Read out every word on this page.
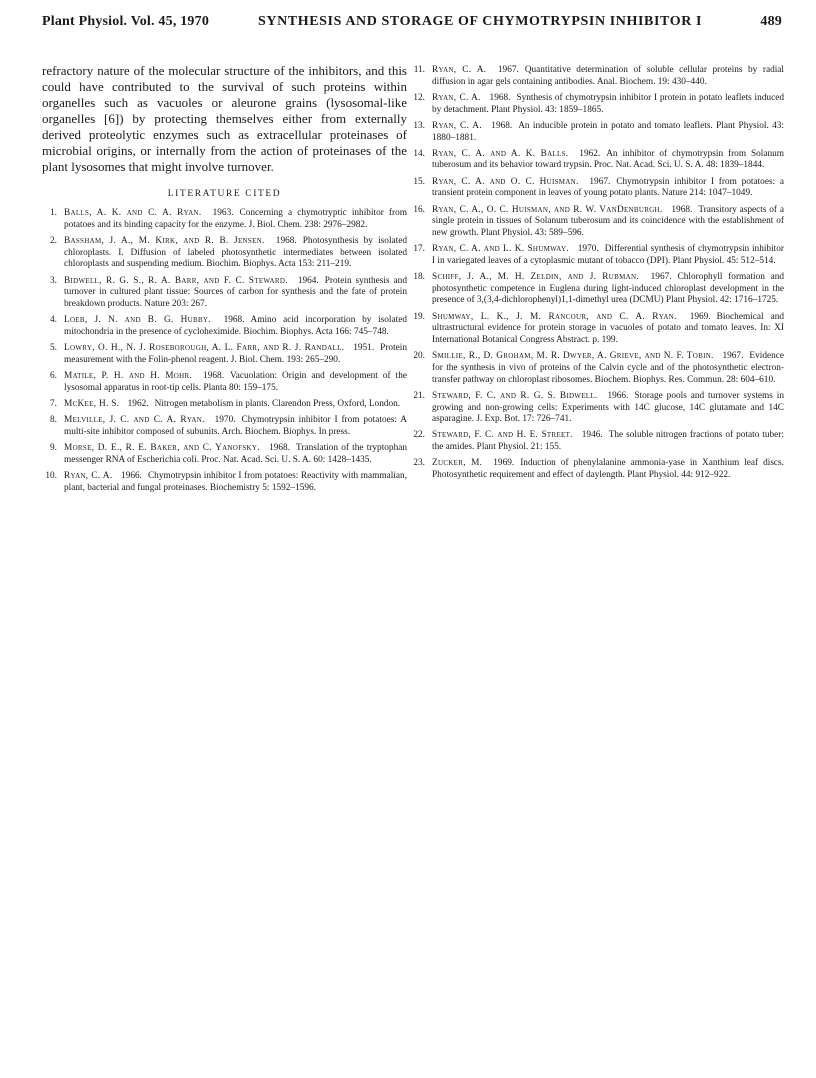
Plant Physiol. Vol. 45, 1970	SYNTHESIS AND STORAGE OF CHYMOTRYPSIN INHIBITOR I	489

refractory nature of the molecular structure of the inhibitors, and this could have contributed to the survival of such proteins within organelles such as vacuoles or aleurone grains (lysosomal-like organelles [6]) by protecting themselves either from externally derived proteolytic enzymes such as extracellular proteinases of microbial origins, or internally from the action of proteinases of the plant lysosomes that might involve turnover.

LITERATURE CITED
1. Balls, A. K. and C. A. Ryan. 1963. Concerning a chymotryptic inhibitor from potatoes and its binding capacity for the enzyme. J. Biol. Chem. 238: 2976–2982.
2. Bassham, J. A., M. Kirk, and R. B. Jensen. 1968. Photosynthesis by isolated chloroplasts. I. Diffusion of labeled photosynthetic intermediates between isolated chloroplasts and suspending medium. Biochim. Biophys. Acta 153: 211–219.
3. Bidwell, R. G. S., R. A. Barr, and F. C. Steward. 1964. Protein synthesis and turnover in cultured plant tissue: Sources of carbon for synthesis and the fate of protein breakdown products. Nature 203: 267.
4. Loeb, J. N. and B. G. Hubby. 1968. Amino acid incorporation by isolated mitochondria in the presence of cycloheximide. Biochim. Biophys. Acta 166: 745–748.
5. Lowry, O. H., N. J. Roseborough, A. L. Farr, and R. J. Randall. 1951. Protein measurement with the Folin-phenol reagent. J. Biol. Chem. 193: 265–290.
6. Matile, P. H. and H. Mohr. 1968. Vacuolation: Origin and development of the lysosomal apparatus in root-tip cells. Planta 80: 159–175.
7. McKee, H. S. 1962. Nitrogen metabolism in plants. Clarendon Press, Oxford, London.
8. Melville, J. C. and C. A. Ryan. 1970. Chymotrypsin inhibitor I from potatoes: A multi-site inhibitor composed of subunits. Arch. Biochem. Biophys. In press.
9. Morse, D. E., R. E. Baker, and C. Yanofsky. 1968. Translation of the tryptophan messenger RNA of Escherichia coli. Proc. Nat. Acad. Sci. U. S. A. 60: 1428–1435.
10. Ryan, C. A. 1966. Chymotrypsin inhibitor I from potatoes: Reactivity with mammalian, plant, bacterial and fungal proteinases. Biochemistry 5: 1592–1596.
11. Ryan, C. A. 1967. Quantitative determination of soluble cellular proteins by radial diffusion in agar gels containing antibodies. Anal. Biochem. 19: 430–440.
12. Ryan, C. A. 1968. Synthesis of chymotrypsin inhibitor I protein in potato leaflets induced by detachment. Plant Physiol. 43: 1859–1865.
13. Ryan, C. A. 1968. An inducible protein in potato and tomato leaflets. Plant Physiol. 43: 1880–1881.
14. Ryan, C. A. and A. K. Balls. 1962. An inhibitor of chymotrypsin from Solanum tuberosum and its behavior toward trypsin. Proc. Nat. Acad. Sci. U. S. A. 48: 1839–1844.
15. Ryan, C. A. and O. C. Huisman. 1967. Chymotrypsin inhibitor I from potatoes: a transient protein component in leaves of young potato plants. Nature 214: 1047–1049.
16. Ryan, C. A., O. C. Huisman, and R. W. VanDenburgh. 1968. Transitory aspects of a single protein in tissues of Solanum tuberosum and its coincidence with the establishment of new growth. Plant Physiol. 43: 589–596.
17. Ryan, C. A. and L. K. Shumway. 1970. Differential synthesis of chymotrypsin inhibitor I in variegated leaves of a cytoplasmic mutant of tobacco (DPI). Plant Physiol. 45: 512–514.
18. Schiff, J. A., M. H. Zeldin, and J. Rubman. 1967. Chlorophyll formation and photosynthetic competence in Euglena during light-induced chloroplast development in the presence of 3,(3,4-dichlorophenyl)1,1-dimethyl urea (DCMU) Plant Physiol. 42: 1716–1725.
19. Shumway, L. K., J. M. Rancour, and C. A. Ryan. 1969. Biochemical and ultrastructural evidence for protein storage in vacuoles of potato and tomato leaves. In: XI International Botanical Congress Abstract. p. 199.
20. Smillie, R., D. Groham, M. R. Dwyer, A. Grieve, and N. F. Tobin. 1967. Evidence for the synthesis in vivo of proteins of the Calvin cycle and of the photosynthetic electron-transfer pathway on chloroplast ribosomes. Biochem. Biophys. Res. Commun. 28: 604–610.
21. Steward, F. C. and R. G. S. Bidwell. 1966. Storage pools and turnover systems in growing and non-growing cells: Experiments with 14C glucose, 14C glutamate and 14C asparagine. J. Exp. Bot. 17: 726–741.
22. Steward, F. C. and H. E. Street. 1946. The soluble nitrogen fractions of potato tuber: the amides. Plant Physiol. 21: 155.
23. Zucker, M. 1969. Induction of phenylalanine ammonia-yase in Xanthium leaf discs. Photosynthetic requirement and effect of daylength. Plant Physiol. 44: 912–922.
